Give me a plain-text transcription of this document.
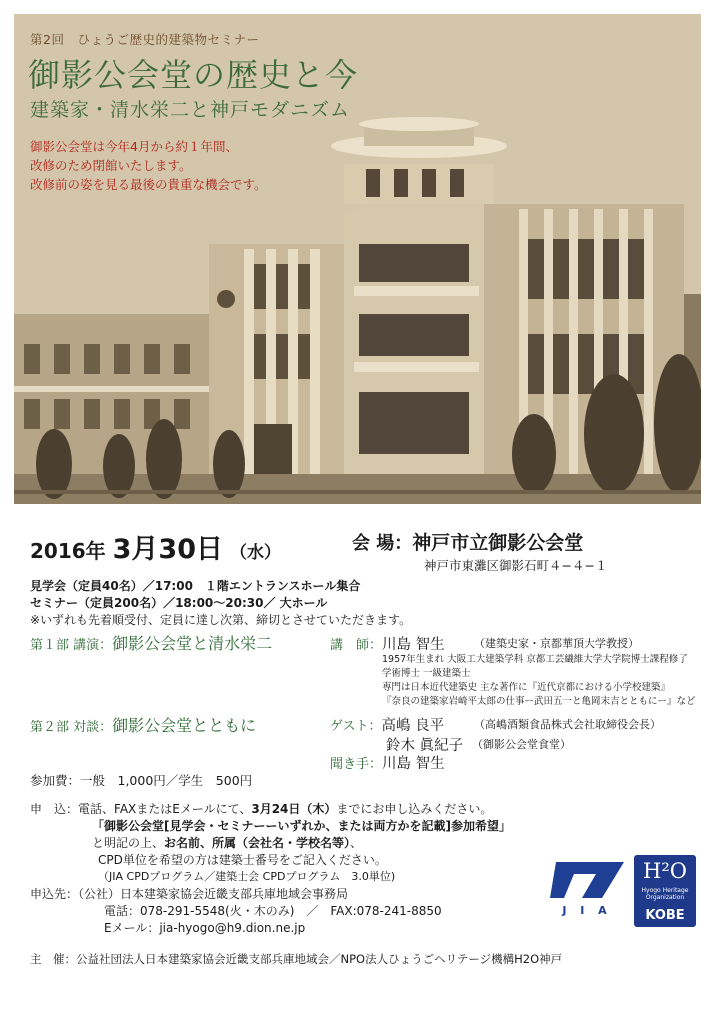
第2回　ひょうご歴史的建築物セミナー
御影公会堂の歴史と今
建築家・清水栄二と神戸モダニズム
御影公会堂は今年4月から約１年間、
改修のため閉館いたします。
改修前の姿を見る最後の貴重な機会です。
2016年 3月30日 （水）	会 場：神戸市立御影公会堂
神戸市東灘区御影石町４−４−１
見学会（定員40名）／17:00　１階エントランスホール集合
セミナー（定員200名）／18:00〜20:30／ 大ホール
※いずれも先着順受付、定員に達し次第、締切とさせていただきます。
第１部 講演：御影公会堂と清水栄二	講　師：川島 智生	（建築史家・京都華頂大学教授）
1957年生まれ 大阪工大建築学科 京都工芸繊維大学大学院博士課程修了
学術博士 一級建築士
専門は日本近代建築史 主な著作に『近代京都における小学校建築』
『奈良の建築家岩崎平太郎の仕事ー武田五一と亀岡末吉とともにー』など
第２部 対談：御影公会堂とともに	ゲスト：高嶋 良平	（高嶋酒類食品株式会社取締役会長）
鈴木 眞紀子 （御影公会堂食堂）
聞き手：川島 智生
参加費：一般　1,000円／学生　500円
申　込：電話、FAXまたはEメールにて、3月24日（木）までにお申し込みください。
「御影公会堂[見学会・セミナーーいずれか、または両方かを記載]参加希望」
と明記の上、お名前、所属（会社名・学校名等）、
CPD単位を希望の方は建築士番号をご記入ください。
（JIA CPDプログラム／建築士会 CPDプログラム　3.0単位)
申込先：（公社）日本建築家協会近畿支部兵庫地域会事務局
電話：078-291-5548(火・木のみ)　／　FAX:078-241-8850
Eメール：jia-hyogo@h9.dion.ne.jp
主　催：公益社団法人日本建築家協会近畿支部兵庫地域会／NPO法人ひょうごヘリテージ機構H2O神戸
J I A
H²O
Hyogo Heritage Organization
KOBE
